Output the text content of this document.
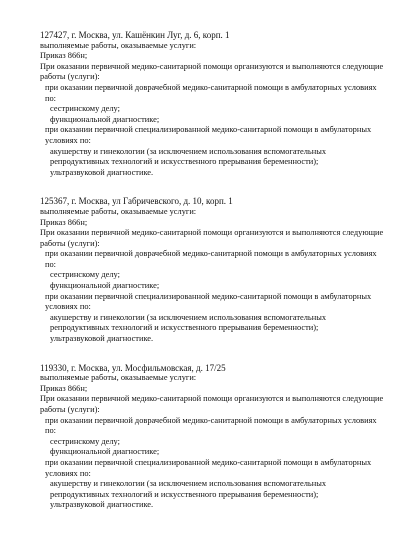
127427, г. Москва, ул. Кашёнкин Луг, д. 6, корп. 1
выполняемые работы, оказываемые услуги:
Приказ 866н;
При оказании первичной медико-санитарной помощи организуются и выполняются следующие работы (услуги):
при оказании первичной доврачебной медико-санитарной помощи в амбулаторных условиях по:
сестринскому делу;
функциональной диагностике;
при оказании первичной специализированной медико-санитарной помощи в амбулаторных условиях по:
акушерству и гинекологии (за исключением использования вспомогательных репродуктивных технологий и искусственного прерывания беременности);
ультразвуковой диагностике.
125367, г. Москва, ул Габричевского, д. 10, корп. 1
выполняемые работы, оказываемые услуги:
Приказ 866н;
При оказании первичной медико-санитарной помощи организуются и выполняются следующие работы (услуги):
при оказании первичной доврачебной медико-санитарной помощи в амбулаторных условиях по:
сестринскому делу;
функциональной диагностике;
при оказании первичной специализированной медико-санитарной помощи в амбулаторных условиях по:
акушерству и гинекологии (за исключением использования вспомогательных репродуктивных технологий и искусственного прерывания беременности);
ультразвуковой диагностике.
119330, г. Москва, ул. Мосфильмовская, д. 17/25
выполняемые работы, оказываемые услуги:
Приказ 866н;
При оказании первичной медико-санитарной помощи организуются и выполняются следующие работы (услуги):
при оказании первичной доврачебной медико-санитарной помощи в амбулаторных условиях по:
сестринскому делу;
функциональной диагностике;
при оказании первичной специализированной медико-санитарной помощи в амбулаторных условиях по:
акушерству и гинекологии (за исключением использования вспомогательных репродуктивных технологий и искусственного прерывания беременности);
ультразвуковой диагностике.
